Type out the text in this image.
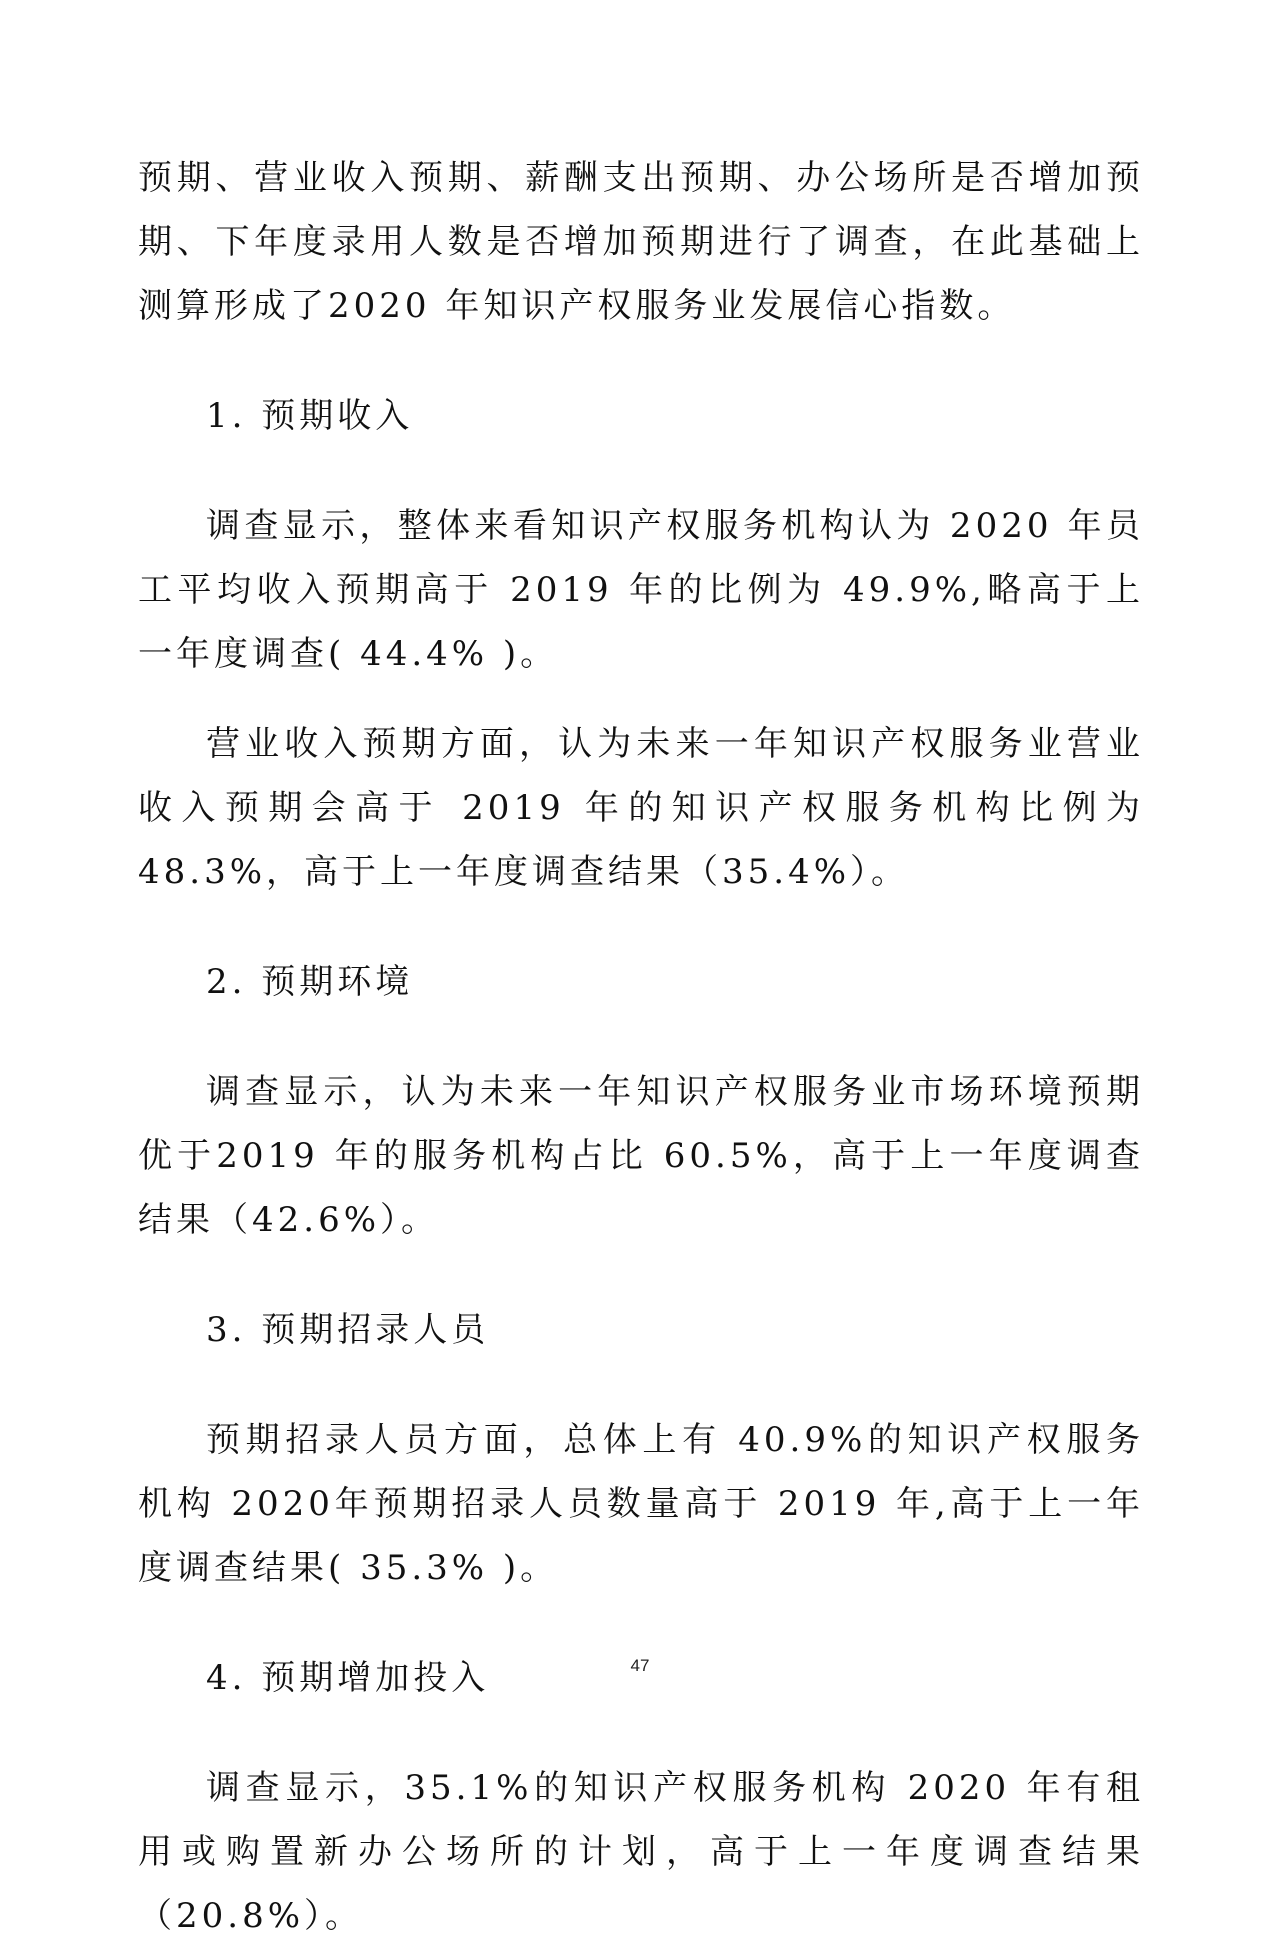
预期、营业收入预期、薪酬支出预期、办公场所是否增加预期、下年度录用人数是否增加预期进行了调查，在此基础上测算形成了2020 年知识产权服务业发展信心指数。

1. 预期收入

调查显示，整体来看知识产权服务机构认为 2020 年员工平均收入预期高于 2019 年的比例为 49.9%,略高于上一年度调查( 44.4% )。

营业收入预期方面，认为未来一年知识产权服务业营业收入预期会高于 2019 年的知识产权服务机构比例为 48.3%，高于上一年度调查结果（35.4%）。

2. 预期环境

调查显示，认为未来一年知识产权服务业市场环境预期优于2019 年的服务机构占比 60.5%，高于上一年度调查结果（42.6%）。

3. 预期招录人员

预期招录人员方面，总体上有 40.9%的知识产权服务机构 2020年预期招录人员数量高于 2019 年,高于上一年度调查结果( 35.3% )。

4. 预期增加投入

调查显示，35.1%的知识产权服务机构 2020 年有租用或购置新办公场所的计划，高于上一年度调查结果（20.8%）。

47
